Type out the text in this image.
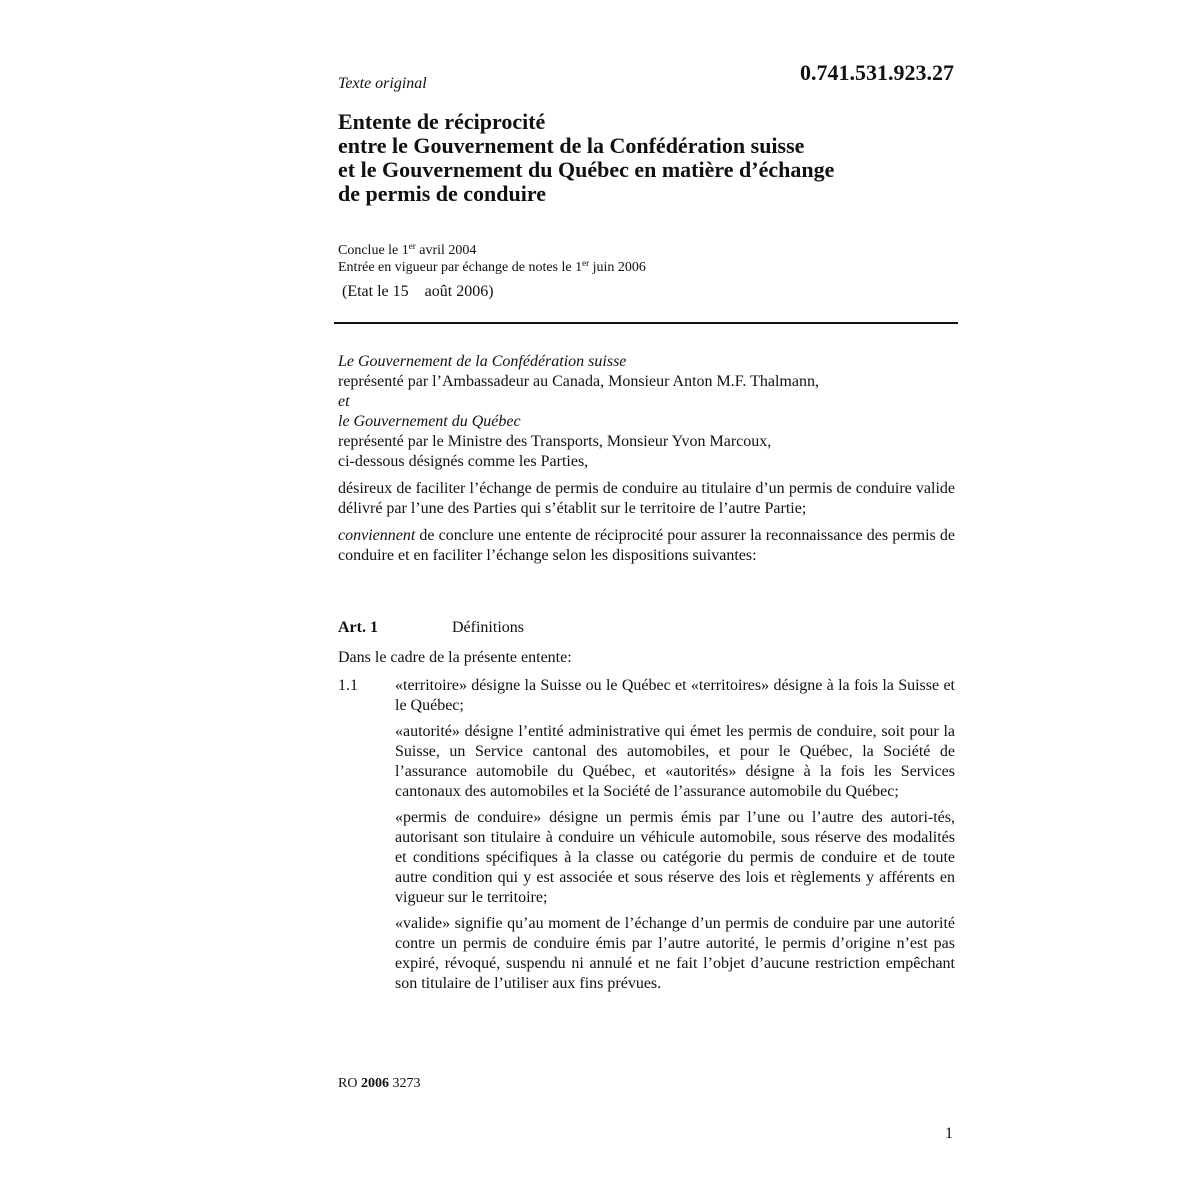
Texte original	0.741.531.923.27
Entente de réciprocité
entre le Gouvernement de la Confédération suisse
et le Gouvernement du Québec en matière d’échange
de permis de conduire
Conclue le 1er avril 2004
Entrée en vigueur par échange de notes le 1er juin 2006
(Etat le 15 août 2006)
Le Gouvernement de la Confédération suisse
représenté par l’Ambassadeur au Canada, Monsieur Anton M.F. Thalmann,
et
le Gouvernement du Québec
représenté par le Ministre des Transports, Monsieur Yvon Marcoux,
ci-dessous désignés comme les Parties,
désireux de faciliter l’échange de permis de conduire au titulaire d’un permis de conduire valide délivré par l’une des Parties qui s’établit sur le territoire de l’autre Partie;
conviennent de conclure une entente de réciprocité pour assurer la reconnaissance des permis de conduire et en faciliter l’échange selon les dispositions suivantes:
Art. 1	Définitions
Dans le cadre de la présente entente:
1.1	«territoire» désigne la Suisse ou le Québec et «territoires» désigne à la fois la Suisse et le Québec;
«autorité» désigne l’entité administrative qui émet les permis de conduire, soit pour la Suisse, un Service cantonal des automobiles, et pour le Québec, la Société de l’assurance automobile du Québec, et «autorités» désigne à la fois les Services cantonaux des automobiles et la Société de l’assurance automobile du Québec;
«permis de conduire» désigne un permis émis par l’une ou l’autre des autori-tés, autorisant son titulaire à conduire un véhicule automobile, sous réserve des modalités et conditions spécifiques à la classe ou catégorie du permis de conduire et de toute autre condition qui y est associée et sous réserve des lois et règlements y afférents en vigueur sur le territoire;
«valide» signifie qu’au moment de l’échange d’un permis de conduire par une autorité contre un permis de conduire émis par l’autre autorité, le permis d’origine n’est pas expiré, révoqué, suspendu ni annulé et ne fait l’objet d’aucune restriction empêchant son titulaire de l’utiliser aux fins prévues.
RO 2006 3273
1
